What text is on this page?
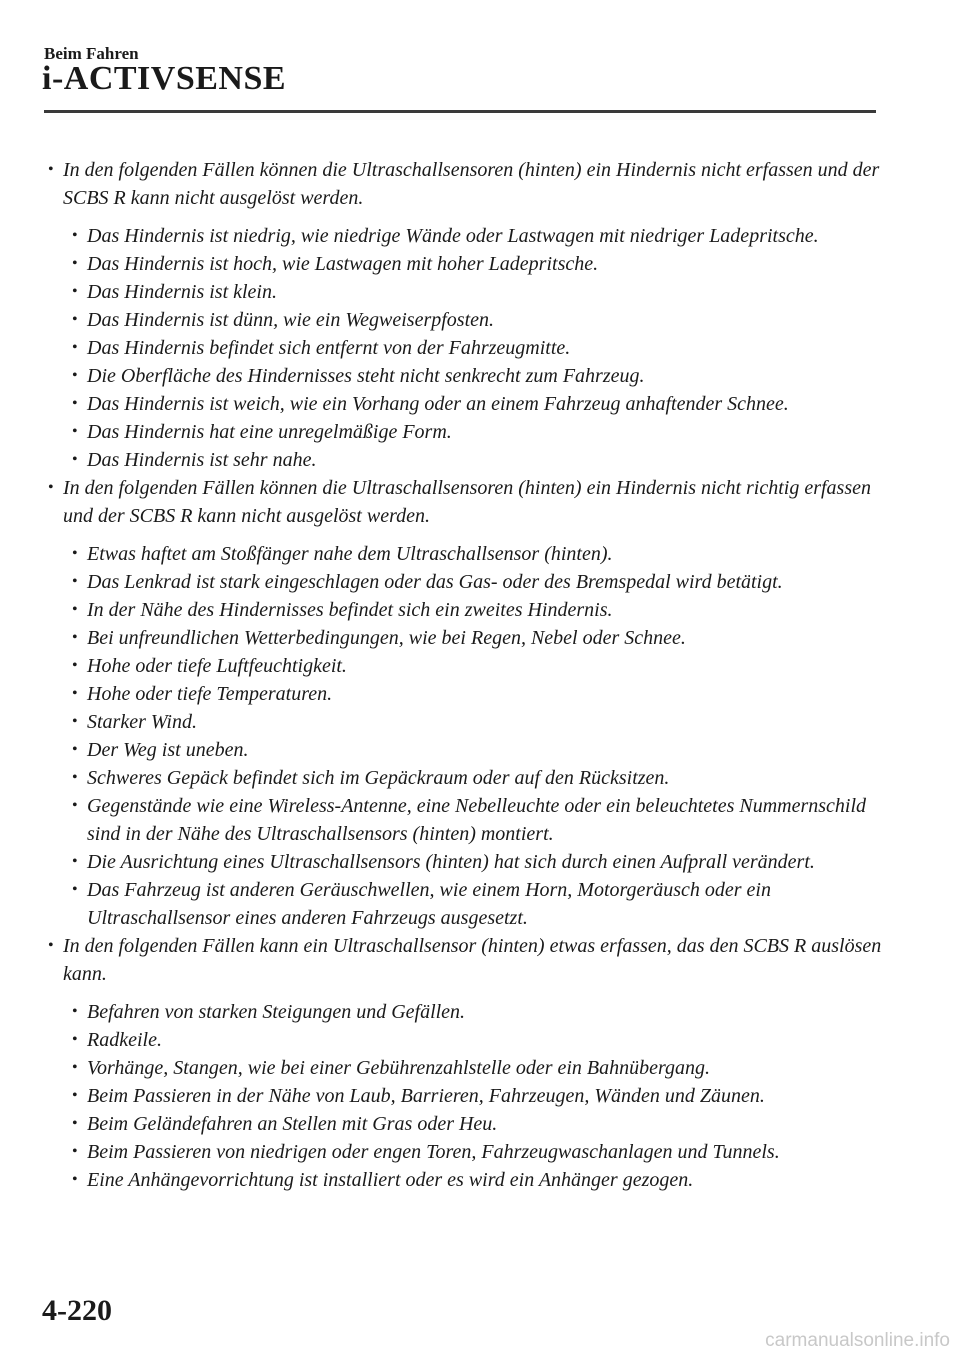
Beim Fahren
i-ACTIVSENSE
• In den folgenden Fällen können die Ultraschallsensoren (hinten) ein Hindernis nicht erfassen und der SCBS R kann nicht ausgelöst werden.
• Das Hindernis ist niedrig, wie niedrige Wände oder Lastwagen mit niedriger Ladepritsche.
• Das Hindernis ist hoch, wie Lastwagen mit hoher Ladepritsche.
• Das Hindernis ist klein.
• Das Hindernis ist dünn, wie ein Wegweiserpfosten.
• Das Hindernis befindet sich entfernt von der Fahrzeugmitte.
• Die Oberfläche des Hindernisses steht nicht senkrecht zum Fahrzeug.
• Das Hindernis ist weich, wie ein Vorhang oder an einem Fahrzeug anhaftender Schnee.
• Das Hindernis hat eine unregelmäßige Form.
• Das Hindernis ist sehr nahe.
• In den folgenden Fällen können die Ultraschallsensoren (hinten) ein Hindernis nicht richtig erfassen und der SCBS R kann nicht ausgelöst werden.
• Etwas haftet am Stoßfänger nahe dem Ultraschallsensor (hinten).
• Das Lenkrad ist stark eingeschlagen oder das Gas- oder des Bremspedal wird betätigt.
• In der Nähe des Hindernisses befindet sich ein zweites Hindernis.
• Bei unfreundlichen Wetterbedingungen, wie bei Regen, Nebel oder Schnee.
• Hohe oder tiefe Luftfeuchtigkeit.
• Hohe oder tiefe Temperaturen.
• Starker Wind.
• Der Weg ist uneben.
• Schweres Gepäck befindet sich im Gepäckraum oder auf den Rücksitzen.
• Gegenstände wie eine Wireless-Antenne, eine Nebelleuchte oder ein beleuchtetes Nummernschild sind in der Nähe des Ultraschallsensors (hinten) montiert.
• Die Ausrichtung eines Ultraschallsensors (hinten) hat sich durch einen Aufprall verändert.
• Das Fahrzeug ist anderen Geräuschwellen, wie einem Horn, Motorgeräusch oder ein Ultraschallsensor eines anderen Fahrzeugs ausgesetzt.
• In den folgenden Fällen kann ein Ultraschallsensor (hinten) etwas erfassen, das den SCBS R auslösen kann.
• Befahren von starken Steigungen und Gefällen.
• Radkeile.
• Vorhänge, Stangen, wie bei einer Gebührenzahlstelle oder ein Bahnübergang.
• Beim Passieren in der Nähe von Laub, Barrieren, Fahrzeugen, Wänden und Zäunen.
• Beim Geländefahren an Stellen mit Gras oder Heu.
• Beim Passieren von niedrigen oder engen Toren, Fahrzeugwaschanlagen und Tunnels.
• Eine Anhängevorrichtung ist installiert oder es wird ein Anhänger gezogen.
4-220
carmanualsonline.info
